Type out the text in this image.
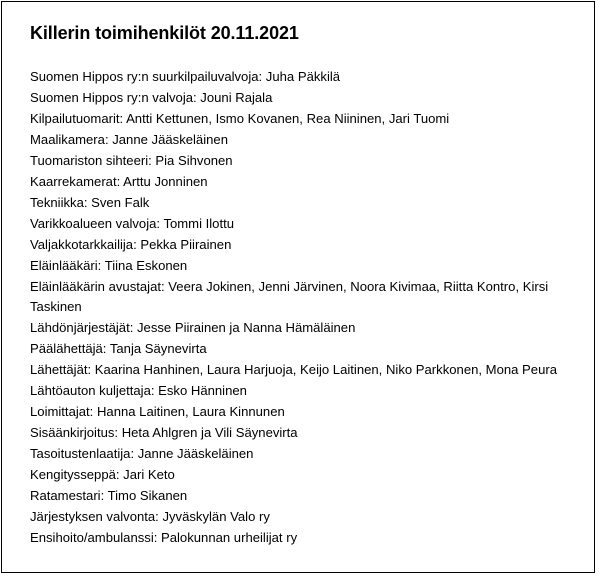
Killerin toimihenkilöt 20.11.2021
Suomen Hippos ry:n suurkilpailuvalvoja: Juha Päkkilä
Suomen Hippos ry:n valvoja: Jouni Rajala
Kilpailutuomarit: Antti Kettunen, Ismo Kovanen, Rea Niininen, Jari Tuomi
Maalikamera: Janne Jääskeläinen
Tuomariston sihteeri: Pia Sihvonen
Kaarrekamerat: Arttu Jonninen
Tekniikka: Sven Falk
Varikkoalueen valvoja: Tommi Ilottu
Valjakkotarkkailija: Pekka Piirainen
Eläinlääkäri: Tiina Eskonen
Eläinlääkärin avustajat: Veera Jokinen, Jenni Järvinen, Noora Kivimaa, Riitta Kontro, Kirsi Taskinen
Lähdönjärjestäjät: Jesse Piirainen ja Nanna Hämäläinen
Päälähettäjä: Tanja Säynevirta
Lähettäjät: Kaarina Hanhinen, Laura Harjuoja, Keijo Laitinen, Niko Parkkonen, Mona Peura
Lähtöauton kuljettaja: Esko Hänninen
Loimittajat: Hanna Laitinen, Laura Kinnunen
Sisäänkirjoitus: Heta Ahlgren ja Vili Säynevirta
Tasoitustenlaatija: Janne Jääskeläinen
Kengitysseppä: Jari Keto
Ratamestari: Timo Sikanen
Järjestyksen valvonta: Jyväskylän Valo ry
Ensihoito/ambulanssi: Palokunnan urheilijat ry
